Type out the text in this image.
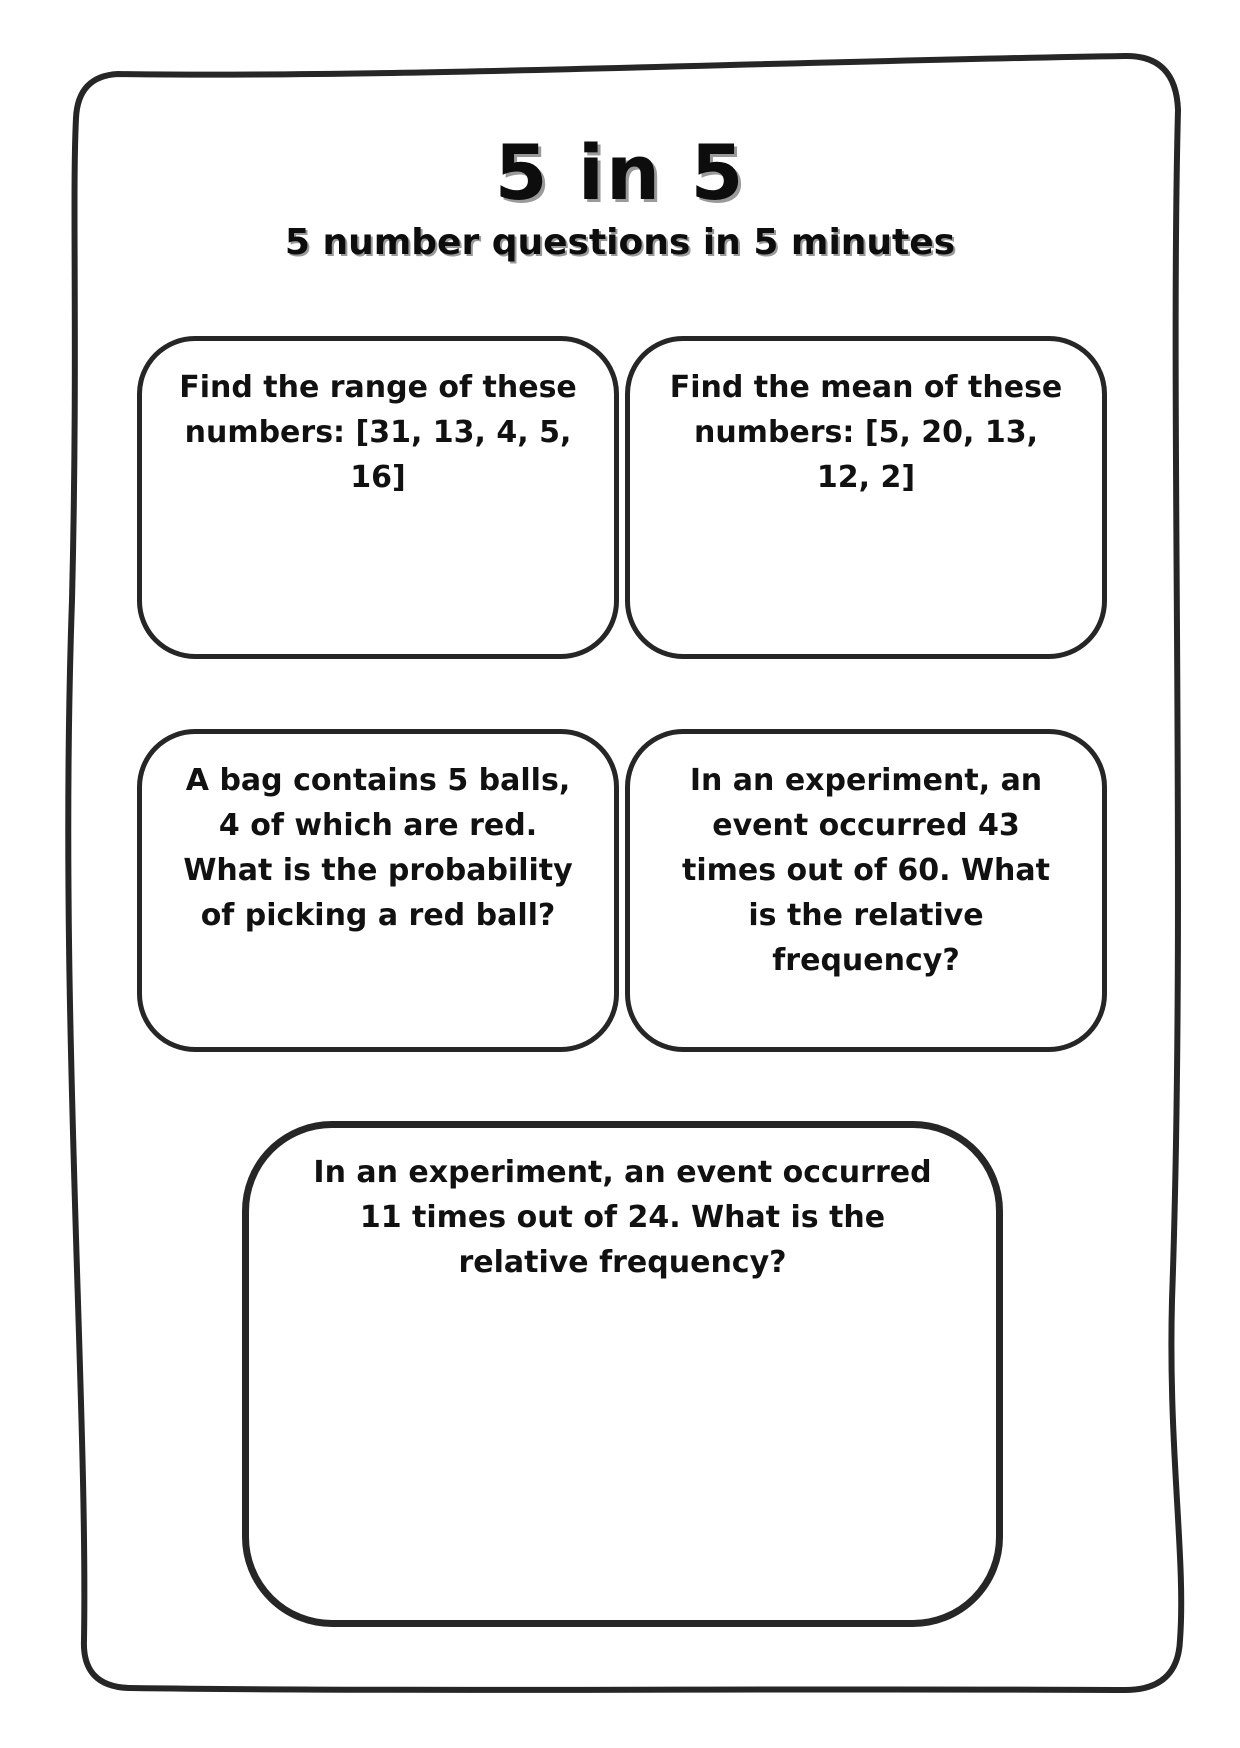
5 in 5
5 number questions in 5 minutes
Find the range of these numbers: [31, 13, 4, 5, 16]
Find the mean of these numbers: [5, 20, 13, 12, 2]
A bag contains 5 balls, 4 of which are red. What is the probability of picking a red ball?
In an experiment, an event occurred 43 times out of 60. What is the relative frequency?
In an experiment, an event occurred 11 times out of 24. What is the relative frequency?
